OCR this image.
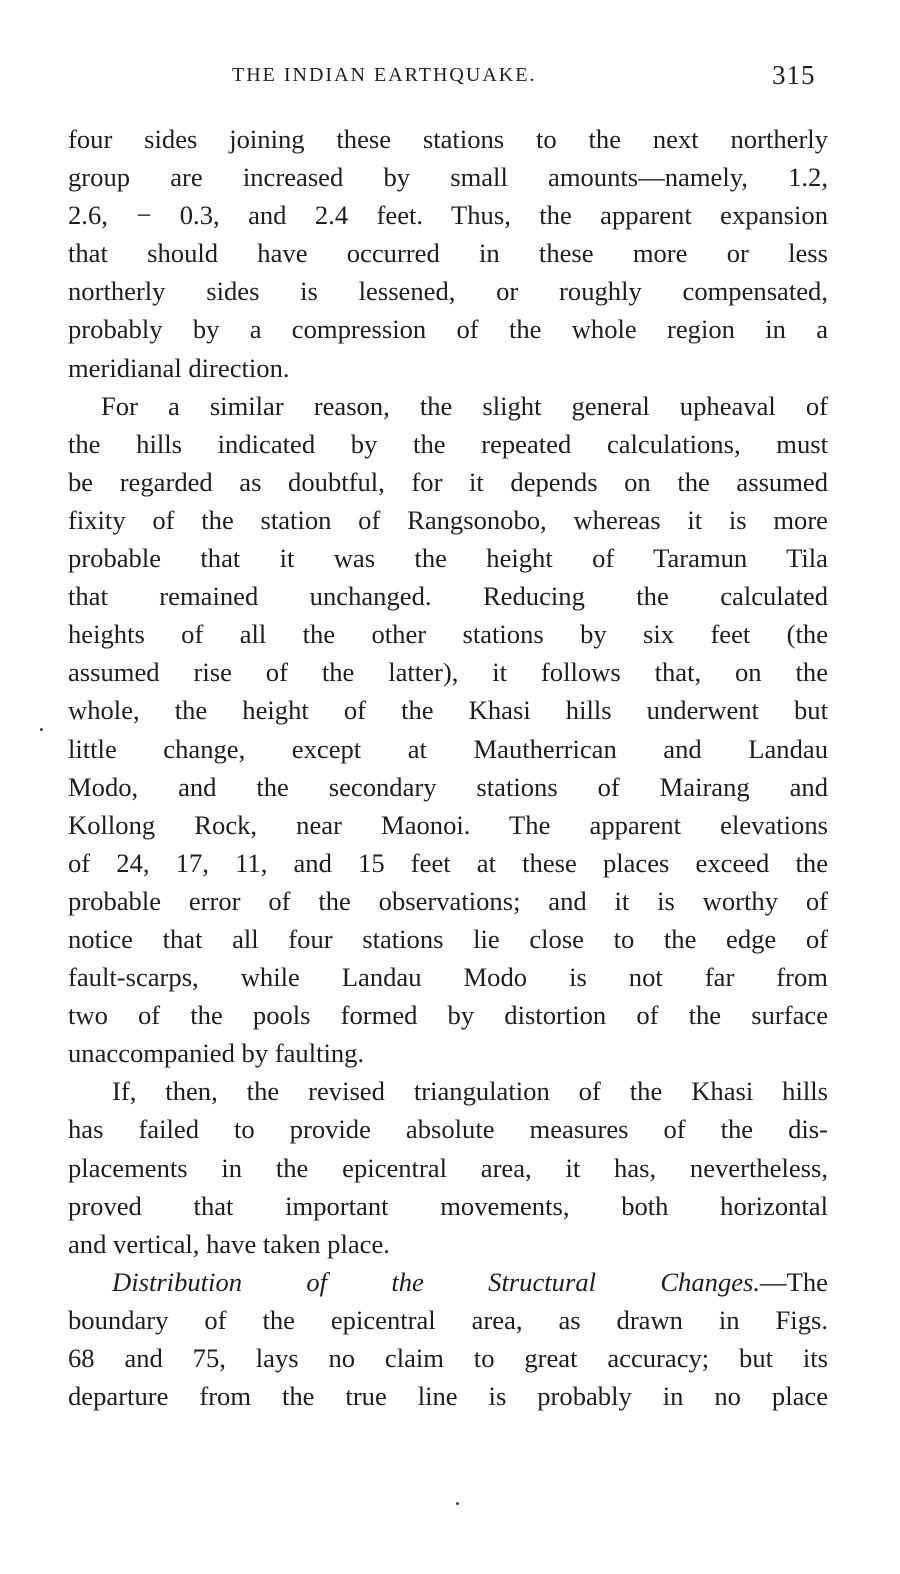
THE INDIAN EARTHQUAKE.	315

four sides joining these stations to the next northerly
group are increased by small amounts—namely, 1.2,
2.6, − 0.3, and 2.4 feet. Thus, the apparent expansion
that should have occurred in these more or less
northerly sides is lessened, or roughly compensated,
probably by a compression of the whole region in a
meridianal direction.

For a similar reason, the slight general upheaval of
the hills indicated by the repeated calculations, must
be regarded as doubtful, for it depends on the assumed
fixity of the station of Rangsonobo, whereas it is more
probable that it was the height of Taramun Tila
that remained unchanged. Reducing the calculated
heights of all the other stations by six feet (the
assumed rise of the latter), it follows that, on the
whole, the height of the Khasi hills underwent but
little change, except at Mautherrican and Landau
Modo, and the secondary stations of Mairang and
Kollong Rock, near Maonoi. The apparent elevations
of 24, 17, 11, and 15 feet at these places exceed the
probable error of the observations; and it is worthy of
notice that all four stations lie close to the edge of
fault-scarps, while Landau Modo is not far from
two of the pools formed by distortion of the surface
unaccompanied by faulting.

If, then, the revised triangulation of the Khasi hills
has failed to provide absolute measures of the dis-
placements in the epicentral area, it has, nevertheless,
proved that important movements, both horizontal
and vertical, have taken place.

Distribution of the Structural Changes.—The
boundary of the epicentral area, as drawn in Figs.
68 and 75, lays no claim to great accuracy; but its
departure from the true line is probably in no place
